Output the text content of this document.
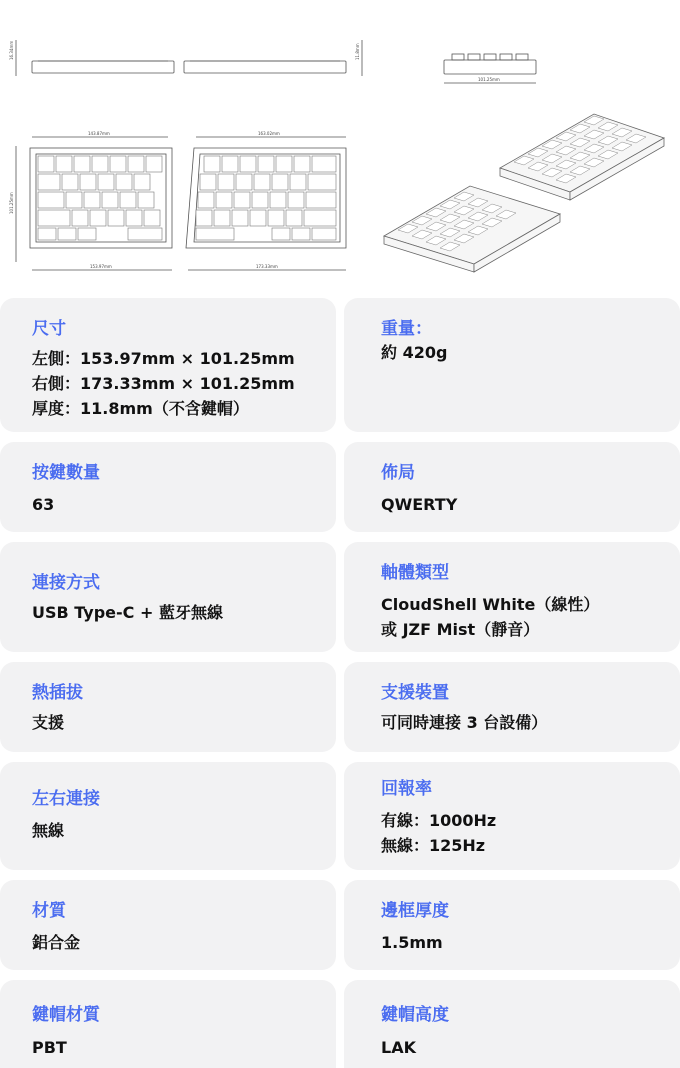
16.34mm	11.8mm
101.25mm
143.87mm	163.02mm
153.97mm	173.33mm
101.25mm
尺寸
左側：153.97mm × 101.25mm
右側：173.33mm × 101.25mm
厚度：11.8mm（不含鍵帽）
重量：
約 420g
按鍵數量
63
佈局
QWERTY
連接方式
USB Type-C + 藍牙無線
軸體類型
CloudShell White（線性）
或 JZF Mist（靜音）
熱插拔
支援
支援裝置
可同時連接 3 台設備）
左右連接
無線
回報率
有線：1000Hz
無線：125Hz
材質
鋁合金
邊框厚度
1.5mm
鍵帽材質
PBT
鍵帽高度
LAK
